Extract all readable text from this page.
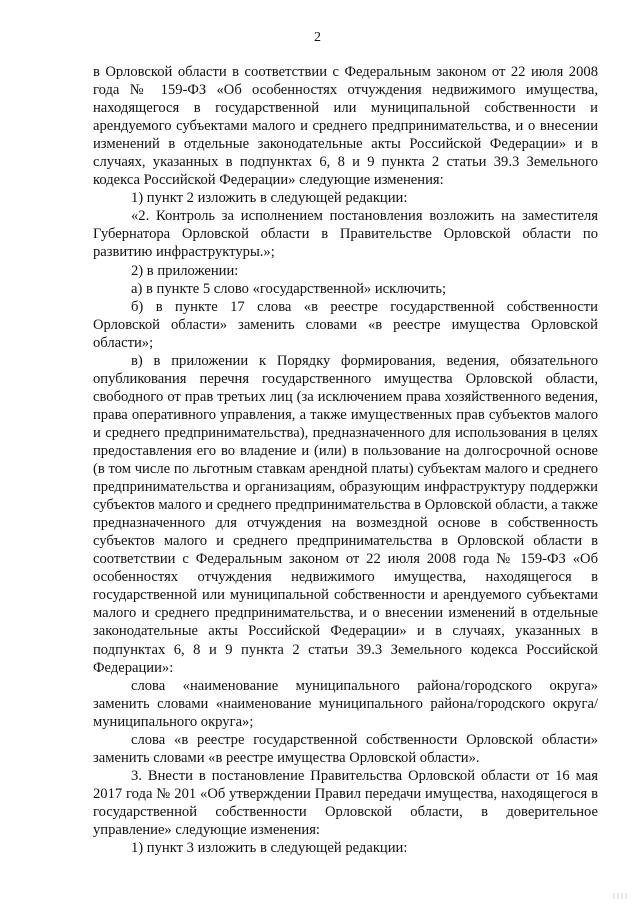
2

в Орловской области в соответствии с Федеральным законом от 22 июля 2008 года № 159-ФЗ «Об особенностях отчуждения недвижимого имущества, находящегося в государственной или муниципальной собственности и арендуемого субъектами малого и среднего предпринимательства, и о внесении изменений в отдельные законодательные акты Российской Федерации» и в случаях, указанных в подпунктах 6, 8 и 9 пункта 2 статьи 39.3 Земельного кодекса Российской Федерации» следующие изменения:

1) пункт 2 изложить в следующей редакции:

«2. Контроль за исполнением постановления возложить на заместителя Губернатора Орловской области в Правительстве Орловской области по развитию инфраструктуры.»;

2) в приложении:

а) в пункте 5 слово «государственной» исключить;

б) в пункте 17 слова «в реестре государственной собственности Орловской области» заменить словами «в реестре имущества Орловской области»;

в) в приложении к Порядку формирования, ведения, обязательного опубликования перечня государственного имущества Орловской области, свободного от прав третьих лиц (за исключением права хозяйственного ведения, права оперативного управления, а также имущественных прав субъектов малого и среднего предпринимательства), предназначенного для использования в целях предоставления его во владение и (или) в пользование на долгосрочной основе (в том числе по льготным ставкам арендной платы) субъектам малого и среднего предпринимательства и организациям, образующим инфраструктуру поддержки субъектов малого и среднего предпринимательства в Орловской области, а также предназначенного для отчуждения на возмездной основе в собственность субъектов малого и среднего предпринимательства в Орловской области в соответствии с Федеральным законом от 22 июля 2008 года № 159-ФЗ «Об особенностях отчуждения недвижимого имущества, находящегося в государственной или муниципальной собственности и арендуемого субъектами малого и среднего предпринимательства, и о внесении изменений в отдельные законодательные акты Российской Федерации» и в случаях, указанных в подпунктах 6, 8 и 9 пункта 2 статьи 39.3 Земельного кодекса Российской Федерации»:

слова «наименование муниципального района/городского округа» заменить словами «наименование муниципального района/городского округа/муниципального округа»;

слова «в реестре государственной собственности Орловской области» заменить словами «в реестре имущества Орловской области».

3. Внести в постановление Правительства Орловской области от 16 мая 2017 года № 201 «Об утверждении Правил передачи имущества, находящегося в государственной собственности Орловской области, в доверительное управление» следующие изменения:

1) пункт 3 изложить в следующей редакции:
